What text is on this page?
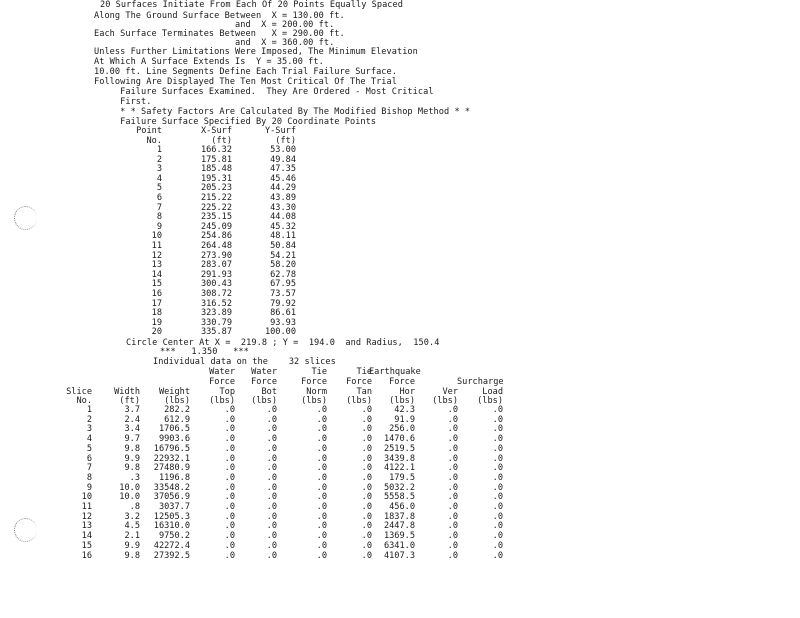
20 Surfaces Initiate From Each Of 20 Points Equally Spaced
Along The Ground Surface Between  X = 130.00 ft.
and  X = 200.00 ft.
Each Surface Terminates Between   X = 290.00 ft.
and  X = 360.00 ft.
Unless Further Limitations Were Imposed, The Minimum Elevation
At Which A Surface Extends Is  Y = 35.00 ft.
10.00 ft. Line Segments Define Each Trial Failure Surface.
Following Are Displayed The Ten Most Critical Of The Trial
Failure Surfaces Examined.  They Are Ordered - Most Critical
First.
* * Safety Factors Are Calculated By The Modified Bishop Method * *
Failure Surface Specified By 20 Coordinate Points
Point	X-Surf	Y-Surf
No.	(ft)	(ft)
1	166.32	53.00
2	175.81	49.84
3	185.48	47.35
4	195.31	45.46
5	205.23	44.29
6	215.22	43.89
7	225.22	43.30
8	235.15	44.08
9	245.09	45.32
10	254.86	48.11
11	264.48	50.84
12	273.90	54.21
13	283.07	58.20
14	291.93	62.78
15	300.43	67.95
16	308.72	73.57
17	316.52	79.92
18	323.89	86.61
19	330.79	93.93
20	335.87	100.00
Circle Center At X =  219.8 ; Y =  194.0  and Radius,  150.4
***   1.350   ***
Individual data on the    32 slices
Water	Water	Tie	Tie
Earthquake
Force	Force	Force	Force	Force	Surcharge
Slice	Width	Weight	Top	Bot	Norm	Tan	Hor	Ver	Load
No.	(ft)	(lbs)	(lbs)	(lbs)	(lbs)	(lbs)	(lbs)	(lbs)	(lbs)
1	3.7	282.2	.0	.0	.0	.0	42.3	.0	.0
2	2.4	612.9	.0	.0	.0	.0	91.9	.0	.0
3	3.4	1706.5	.0	.0	.0	.0	256.0	.0	.0
4	9.7	9903.6	.0	.0	.0	.0	1470.6	.0	.0
5	9.8	16796.5	.0	.0	.0	.0	2519.5	.0	.0
6	9.9	22932.1	.0	.0	.0	.0	3439.8	.0	.0
7	9.8	27480.9	.0	.0	.0	.0	4122.1	.0	.0
8	.3	1196.8	.0	.0	.0	.0	179.5	.0	.0
9	10.0	33548.2	.0	.0	.0	.0	5032.2	.0	.0
10	10.0	37056.9	.0	.0	.0	.0	5558.5	.0	.0
11	.8	3037.7	.0	.0	.0	.0	456.0	.0	.0
12	3.2	12505.3	.0	.0	.0	.0	1837.8	.0	.0
13	4.5	16310.0	.0	.0	.0	.0	2447.8	.0	.0
14	2.1	9750.2	.0	.0	.0	.0	1369.5	.0	.0
15	9.9	42272.4	.0	.0	.0	.0	6341.0	.0	.0
16	9.8	27392.5	.0	.0	.0	.0	4107.3	.0	.0
